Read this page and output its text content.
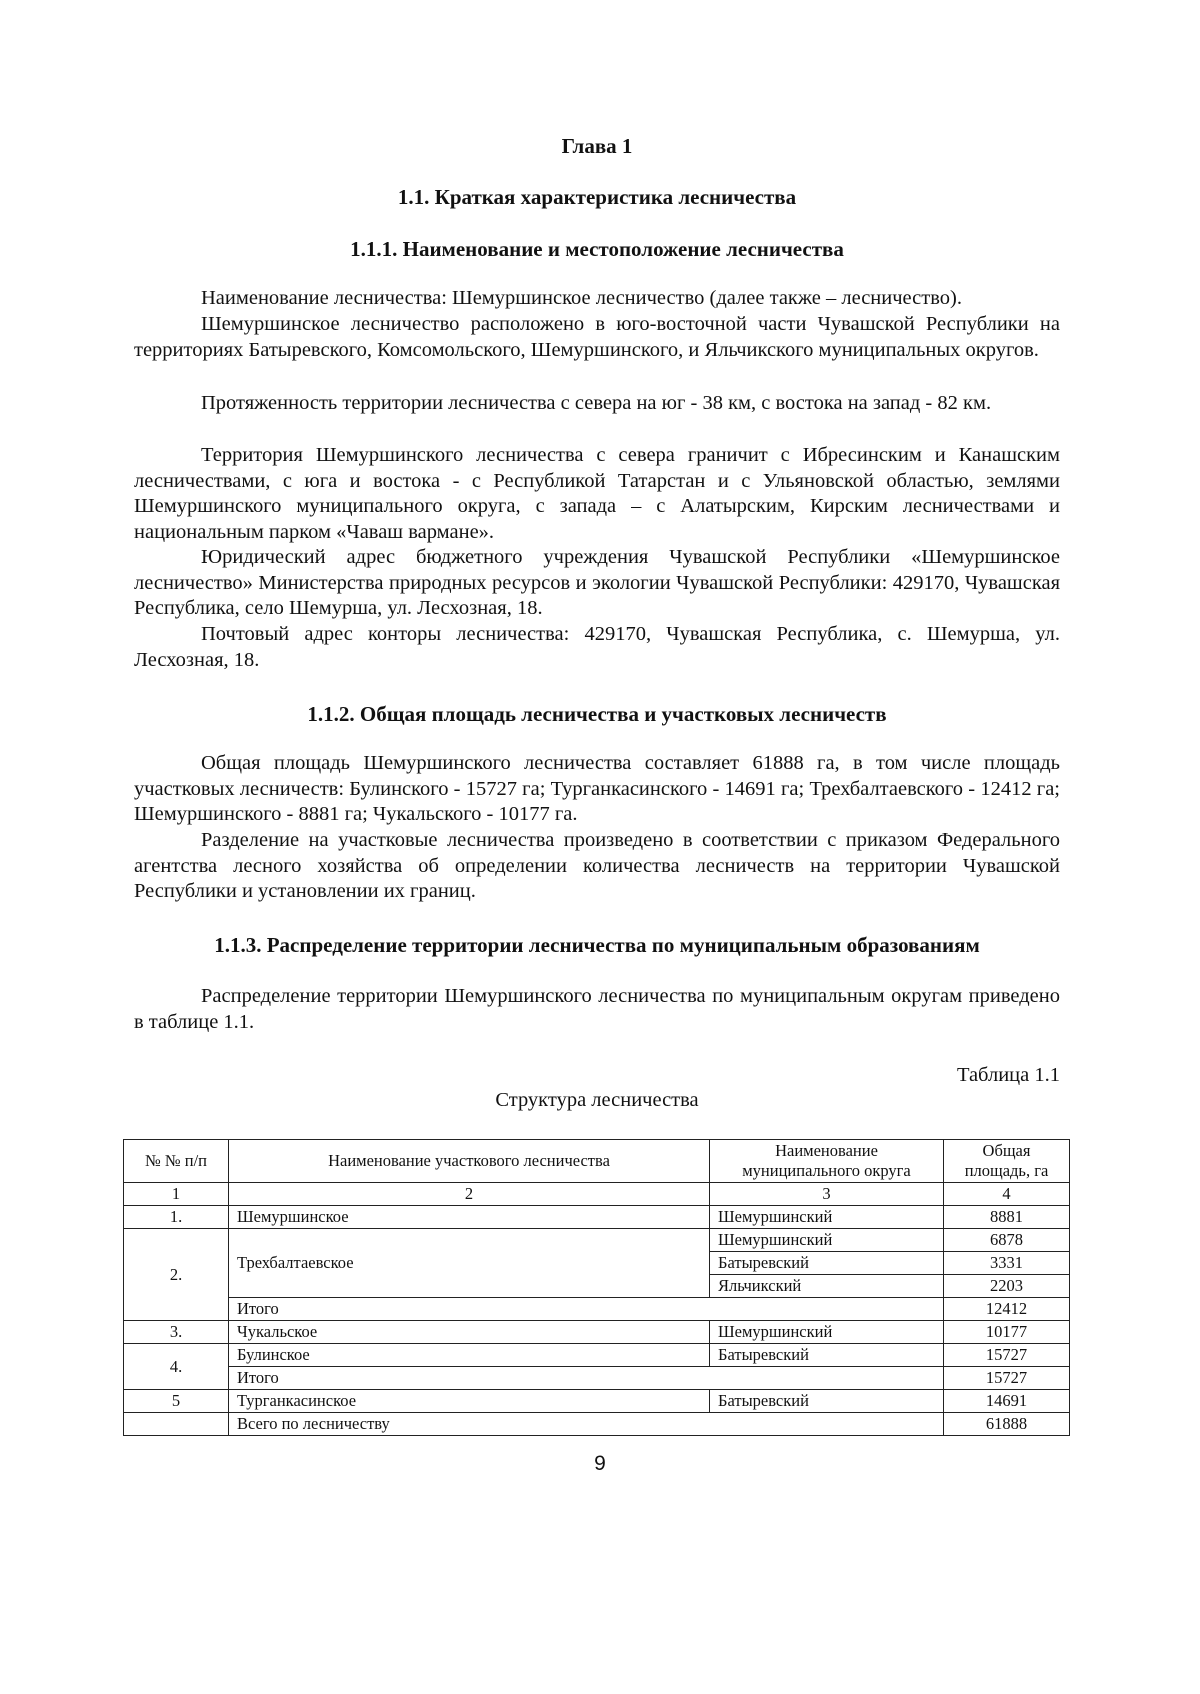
Глава 1
1.1. Краткая характеристика лесничества
1.1.1. Наименование и местоположение лесничества

Наименование лесничества: Шемуршинское лесничество (далее также – лесничество).

Шемуршинское лесничество расположено в юго-восточной части Чувашской Республики на территориях Батыревского, Комсомольского, Шемуршинского, и Яльчикского муниципальных округов.

Протяженность территории лесничества с севера на юг - 38 км, с востока на запад - 82 км.

Территория Шемуршинского лесничества с севера граничит с Ибресинским и Канашским лесничествами, с юга и востока - с Республикой Татарстан и с Ульяновской областью, землями Шемуршинского муниципального округа, с запада – с Алатырским, Кирским лесничествами и национальным парком «Чаваш вармане».

Юридический адрес бюджетного учреждения Чувашской Республики «Шемуршинское лесничество» Министерства природных ресурсов и экологии Чувашской Республики: 429170, Чувашская Республика, село Шемурша, ул. Лесхозная, 18.

Почтовый адрес конторы лесничества: 429170, Чувашская Республика, с. Шемурша, ул. Лесхозная, 18.

1.1.2. Общая площадь лесничества и участковых лесничеств

Общая площадь Шемуршинского лесничества составляет 61888 га, в том числе площадь участковых лесничеств: Булинского - 15727 га; Турганкасинского - 14691 га; Трехбалтаевского - 12412 га; Шемуршинского - 8881 га; Чукальского - 10177 га.

Разделение на участковые лесничества произведено в соответствии с приказом Федерального агентства лесного хозяйства об определении количества лесничеств на территории Чувашской Республики и установлении их границ.

1.1.3. Распределение территории лесничества по муниципальным образованиям

Распределение территории Шемуршинского лесничества по муниципальным округам приведено в таблице 1.1.

Таблица 1.1
Структура лесничества
№ № п/п	Наименование участкового лесничества	Наименование муниципального округа	Общая площадь, га
1	2	3	4
1.	Шемуршинское	Шемуршинский	8881
2.	Трехбалтаевское	Шемуршинский	6878
		Батыревский	3331
		Яльчикский	2203
	Итого		12412
3.	Чукальское	Шемуршинский	10177
4.	Булинское	Батыревский	15727
	Итого		15727
5	Турганкасинское	Батыревский	14691
	Всего по лесничеству		61888
9
